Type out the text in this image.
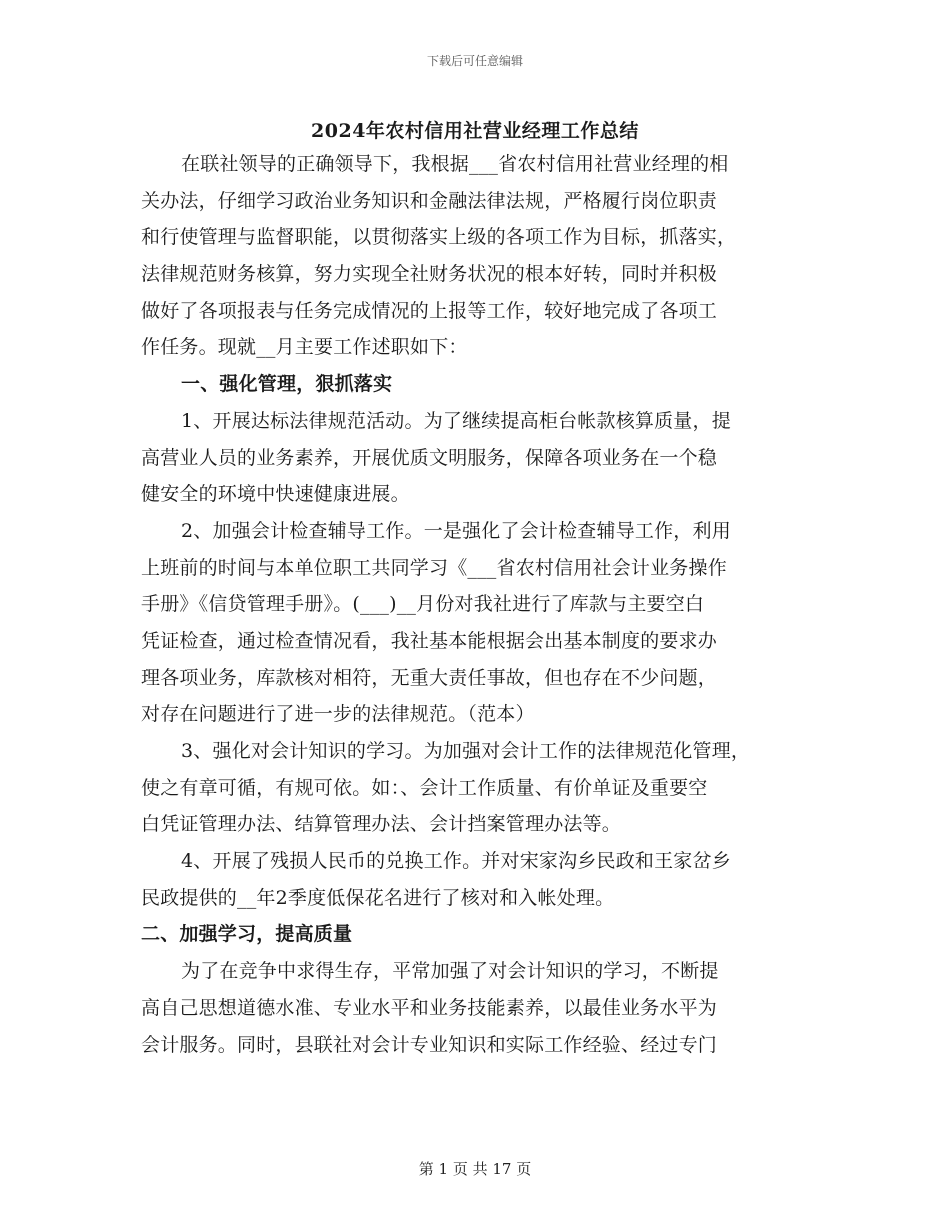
下载后可任意编辑
2024年农村信用社营业经理工作总结
在联社领导的正确领导下，我根据___省农村信用社营业经理的相
关办法，仔细学习政治业务知识和金融法律法规，严格履行岗位职责
和行使管理与监督职能，以贯彻落实上级的各项工作为目标，抓落实，
法律规范财务核算，努力实现全社财务状况的根本好转，同时并积极
做好了各项报表与任务完成情况的上报等工作，较好地完成了各项工
作任务。现就__月主要工作述职如下：
一、强化管理，狠抓落实
1、开展达标法律规范活动。为了继续提高柜台帐款核算质量，提
高营业人员的业务素养，开展优质文明服务，保障各项业务在一个稳
健安全的环境中快速健康进展。
2、加强会计检查辅导工作。一是强化了会计检查辅导工作，利用
上班前的时间与本单位职工共同学习《___省农村信用社会计业务操作
手册》《信贷管理手册》。(___)__月份对我社进行了库款与主要空白
凭证检查，通过检查情况看，我社基本能根据会出基本制度的要求办
理各项业务，库款核对相符，无重大责任事故，但也存在不少问题，
对存在问题进行了进一步的法律规范。（范本）
3、强化对会计知识的学习。为加强对会计工作的法律规范化管理，
使之有章可循，有规可依。如：、会计工作质量、有价单证及重要空
白凭证管理办法、结算管理办法、会计挡案管理办法等。
4、开展了残损人民币的兑换工作。并对宋家沟乡民政和王家岔乡
民政提供的__年2季度低保花名进行了核对和入帐处理。
二、加强学习，提高质量
为了在竞争中求得生存，平常加强了对会计知识的学习，不断提
高自己思想道德水准、专业水平和业务技能素养，以最佳业务水平为
会计服务。同时，县联社对会计专业知识和实际工作经验、经过专门
第 1 页 共 17 页
